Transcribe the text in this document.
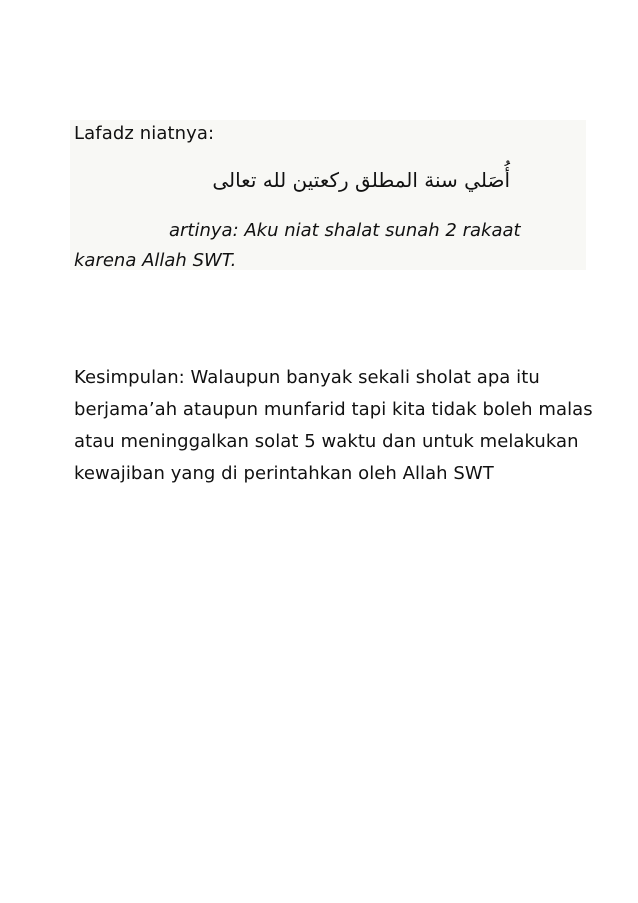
Lafadz niatnya:
أُصَلي سنة المطلق ركعتين لله تعالى
artinya: Aku niat shalat sunah 2 rakaat karena Allah SWT.
Kesimpulan: Walaupun banyak sekali sholat apa itu berjama’ah ataupun munfarid tapi kita tidak boleh malas atau meninggalkan solat 5 waktu dan untuk melakukan kewajiban yang di perintahkan oleh Allah SWT
